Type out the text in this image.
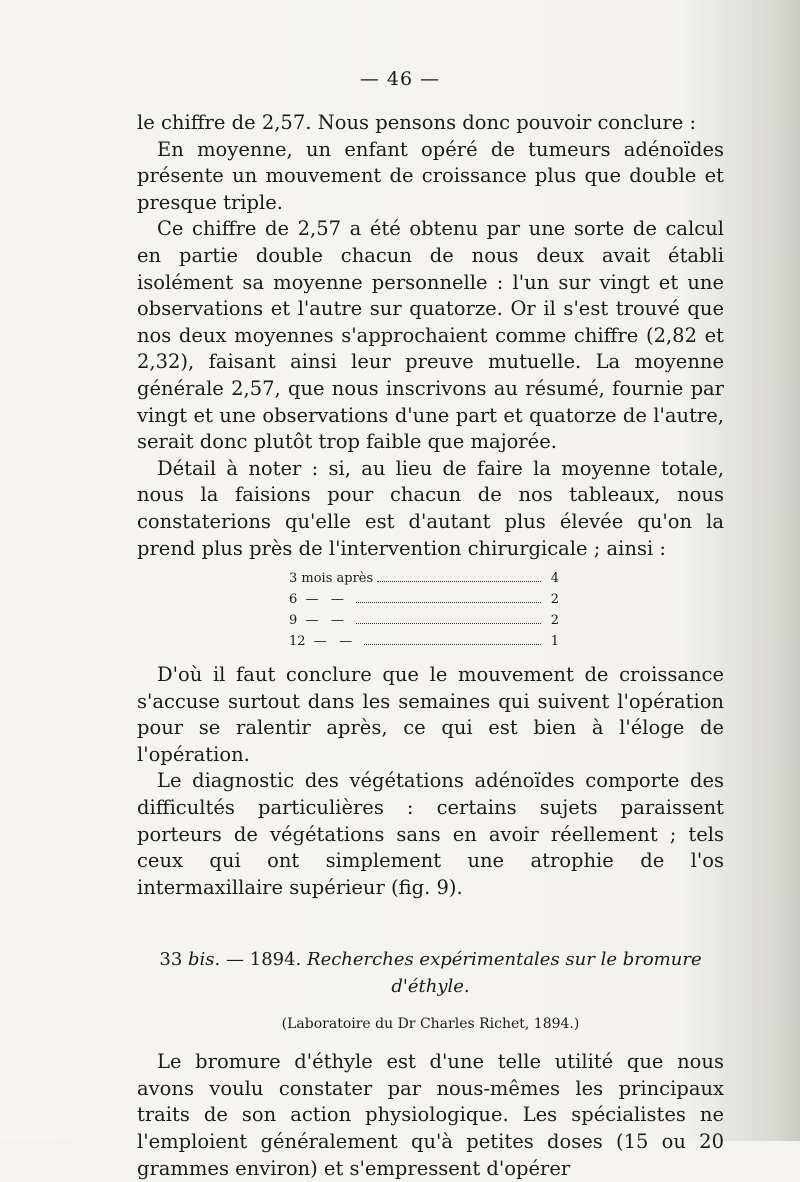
— 46 —

le chiffre de 2,57. Nous pensons donc pouvoir conclure :

En moyenne, un enfant opéré de tumeurs adénoïdes présente un mouvement de croissance plus que double et presque triple.

Ce chiffre de 2,57 a été obtenu par une sorte de calcul en partie double chacun de nous deux avait établi isolément sa moyenne personnelle : l'un sur vingt et une observations et l'autre sur quatorze. Or il s'est trouvé que nos deux moyennes s'approchaient comme chiffre (2,82 et 2,32), faisant ainsi leur preuve mutuelle. La moyenne générale 2,57, que nous inscrivons au résumé, fournie par vingt et une observations d'une part et quatorze de l'autre, serait donc plutôt trop faible que majorée.

Détail à noter : si, au lieu de faire la moyenne totale, nous la faisions pour chacun de nos tableaux, nous constaterions qu'elle est d'autant plus élevée qu'on la prend plus près de l'intervention chirurgicale ; ainsi :

3 mois après	4
6  —   —	2
9  —   —	2
12  —   —	1

D'où il faut conclure que le mouvement de croissance s'accuse surtout dans les semaines qui suivent l'opération pour se ralentir après, ce qui est bien à l'éloge de l'opération.

Le diagnostic des végétations adénoïdes comporte des difficultés particulières : certains sujets paraissent porteurs de végétations sans en avoir réellement ; tels ceux qui ont simplement une atrophie de l'os intermaxillaire supérieur (fig. 9).

33 bis. — 1894. Recherches expérimentales sur le bromure d'éthyle.
(Laboratoire du Dr Charles Richet, 1894.)

Le bromure d'éthyle est d'une telle utilité que nous avons voulu constater par nous-mêmes les principaux traits de son action physiologique. Les spécialistes ne l'emploient généralement qu'à petites doses (15 ou 20 grammes environ) et s'empressent d'opérer
